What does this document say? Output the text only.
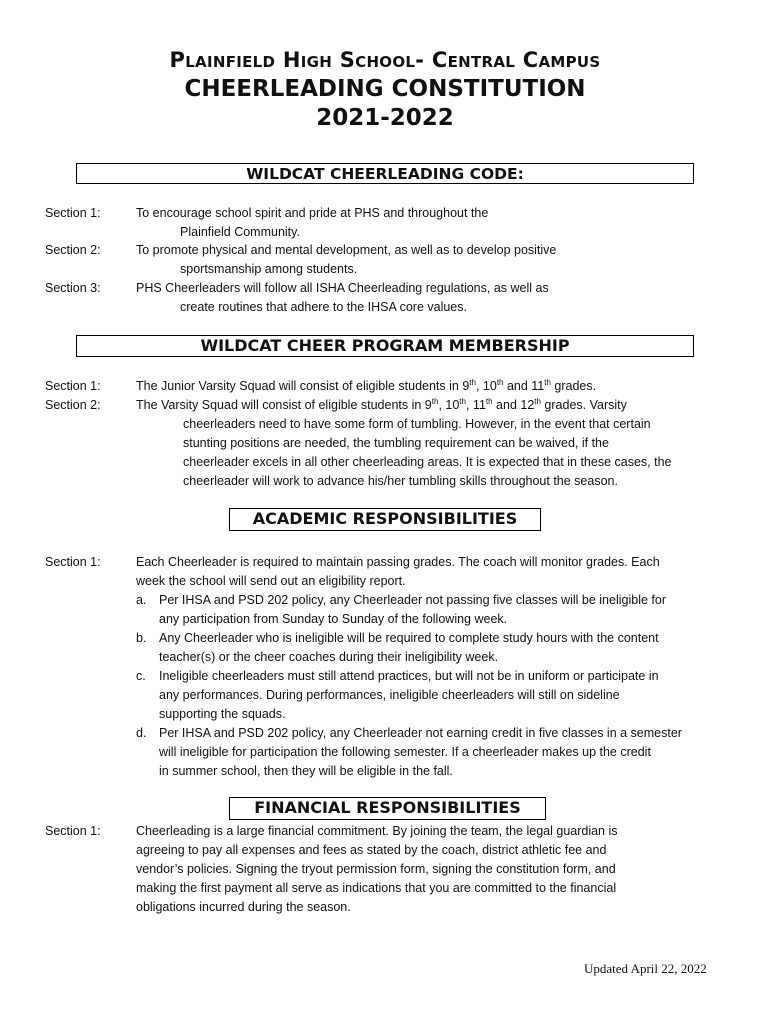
Plainfield High School- Central Campus
CHEERLEADING CONSTITUTION
2021-2022
WILDCAT CHEERLEADING CODE:
Section 1:	To encourage school spirit and pride at PHS and throughout the
Plainfield Community.
Section 2:	To promote physical and mental development, as well as to develop positive
sportsmanship among students.
Section 3:	PHS Cheerleaders will follow all ISHA Cheerleading regulations, as well as
create routines that adhere to the IHSA core values.
WILDCAT CHEER PROGRAM MEMBERSHIP
Section 1:	The Junior Varsity Squad will consist of eligible students in 9th, 10th and 11th grades.
Section 2:	The Varsity Squad will consist of eligible students in 9th, 10th, 11th and 12th grades. Varsity
cheerleaders need to have some form of tumbling. However, in the event that certain
stunting positions are needed, the tumbling requirement can be waived, if the
cheerleader excels in all other cheerleading areas. It is expected that in these cases, the
cheerleader will work to advance his/her tumbling skills throughout the season.
ACADEMIC RESPONSIBILITIES
Section 1:	Each Cheerleader is required to maintain passing grades. The coach will monitor grades. Each
week the school will send out an eligibility report.
a. Per IHSA and PSD 202 policy, any Cheerleader not passing five classes will be ineligible for
any participation from Sunday to Sunday of the following week.
b. Any Cheerleader who is ineligible will be required to complete study hours with the content
teacher(s) or the cheer coaches during their ineligibility week.
c. Ineligible cheerleaders must still attend practices, but will not be in uniform or participate in
any performances. During performances, ineligible cheerleaders will still on sideline
supporting the squads.
d. Per IHSA and PSD 202 policy, any Cheerleader not earning credit in five classes in a semester
will ineligible for participation the following semester. If a cheerleader makes up the credit
in summer school, then they will be eligible in the fall.
FINANCIAL RESPONSIBILITIES
Section 1:	Cheerleading is a large financial commitment. By joining the team, the legal guardian is
agreeing to pay all expenses and fees as stated by the coach, district athletic fee and
vendor’s policies. Signing the tryout permission form, signing the constitution form, and
making the first payment all serve as indications that you are committed to the financial
obligations incurred during the season.
Updated April 22, 2022
